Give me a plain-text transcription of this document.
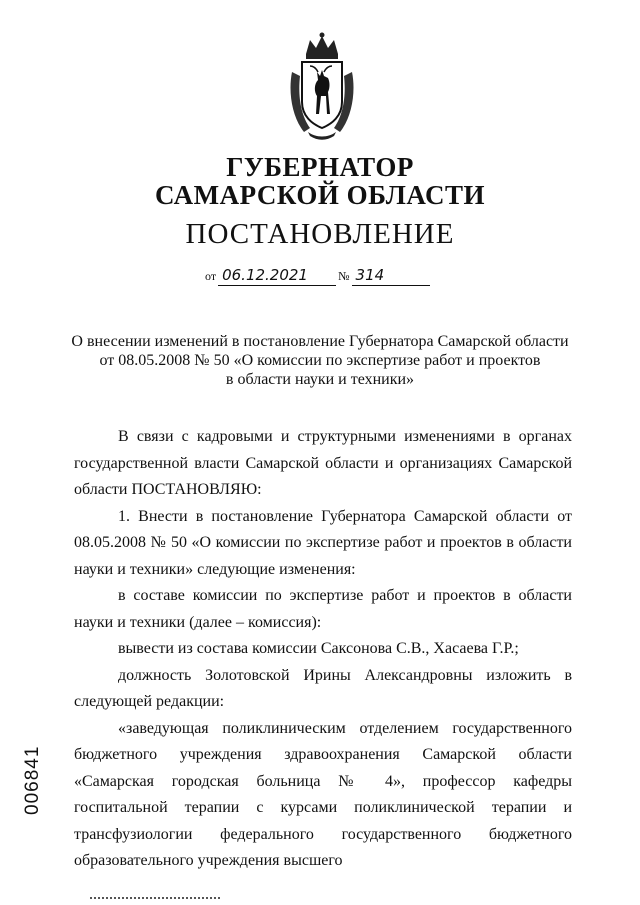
ГУБЕРНАТОР
САМАРСКОЙ ОБЛАСТИ
ПОСТАНОВЛЕНИЕ
от 06.12.2021	№ 314
О внесении изменений в постановление Губернатора Самарской области
от 08.05.2008 № 50 «О комиссии по экспертизе работ и проектов
в области науки и техники»

В связи с кадровыми и структурными изменениями в органах государственной власти Самарской области и организациях Самарской области ПОСТАНОВЛЯЮ:

1. Внести в постановление Губернатора Самарской области от 08.05.2008 № 50 «О комиссии по экспертизе работ и проектов в области науки и техники» следующие изменения:

в составе комиссии по экспертизе работ и проектов в области науки и техники (далее – комиссия):

вывести из состава комиссии Саксонова С.В., Хасаева Г.Р.;

должность Золотовской Ирины Александровны изложить в следующей редакции:

«заведующая поликлиническим отделением государственного бюджетного учреждения здравоохранения Самарской области «Самарская городская больница № 4», профессор кафедры госпитальной терапии с курсами поликлинической терапии и трансфузиологии федерального государственного бюджетного образовательного учреждения высшего

006841
